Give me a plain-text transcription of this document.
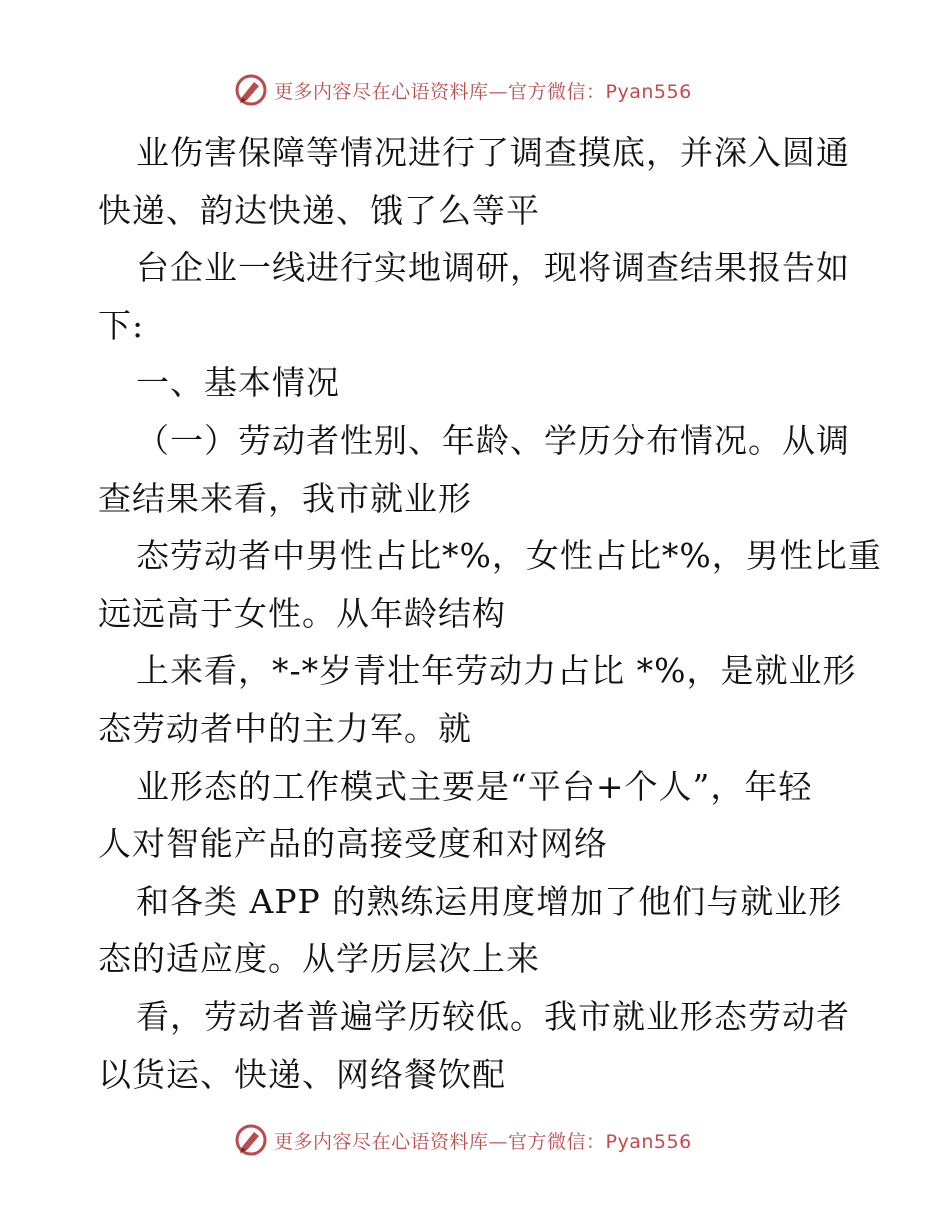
更多内容尽在心语资料库—官方微信：Pyan556
业伤害保障等情况进行了调查摸底，并深入圆通
快递、韵达快递、饿了么等平
台企业一线进行实地调研，现将调查结果报告如
下:
一、基本情况
（一）劳动者性别、年龄、学历分布情况。从调
查结果来看，我市就业形
态劳动者中男性占比*%，女性占比*%，男性比重
远远高于女性。从年龄结构
上来看，*-*岁青壮年劳动力占比 *%，是就业形
态劳动者中的主力军。就
业形态的工作模式主要是“平台+个人”，年轻
人对智能产品的高接受度和对网络
和各类 APP 的熟练运用度增加了他们与就业形
态的适应度。从学历层次上来
看，劳动者普遍学历较低。我市就业形态劳动者
以货运、快递、网络餐饮配
更多内容尽在心语资料库—官方微信：Pyan556
